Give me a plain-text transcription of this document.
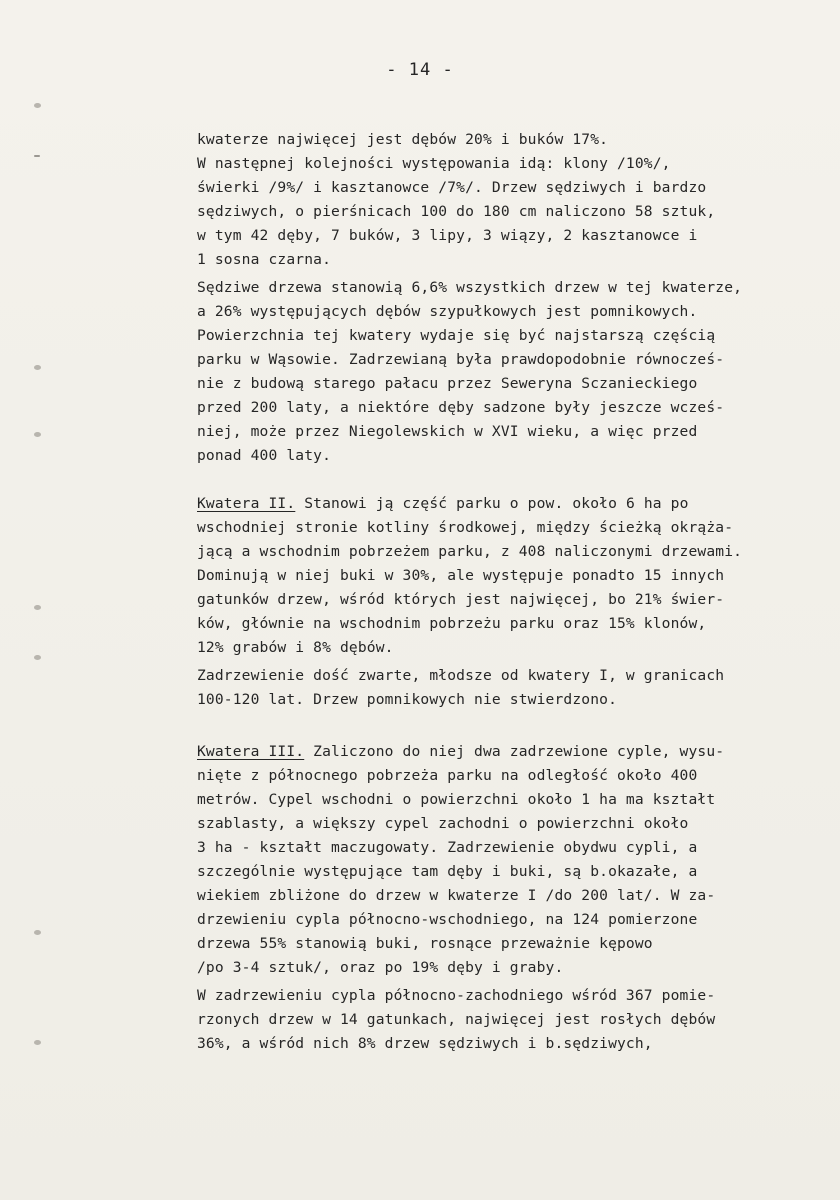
- 14 -
kwaterze najwięcej jest dębów 20% i buków 17%.
W następnej kolejności występowania idą: klony /10%/,
świerki /9%/ i kasztanowce /7%/. Drzew sędziwych i bardzo
sędziwych, o pierśnicach 100 do 180 cm naliczono 58 sztuk,
w tym 42 dęby, 7 buków, 3 lipy, 3 wiązy, 2 kasztanowce i
1 sosna czarna.
Sędziwe drzewa stanowią 6,6% wszystkich drzew w tej kwaterze,
a 26% występujących dębów szypułkowych jest pomnikowych.
Powierzchnia tej kwatery wydaje się być najstarszą częścią
parku w Wąsowie. Zadrzewianą była prawdopodobnie równocześ-
nie z budową starego pałacu przez Seweryna Sczanieckiego
przed 200 laty, a niektóre dęby sadzone były jeszcze wcześ-
niej, może przez Niegolewskich w XVI wieku, a więc przed
ponad 400 laty.
Kwatera II. Stanowi ją część parku o pow. około 6 ha po
wschodniej stronie kotliny środkowej, między ścieżką okrąża-
jącą a wschodnim pobrzeżem parku, z 408 naliczonymi drzewami.
Dominują w niej buki w 30%, ale występuje ponadto 15 innych
gatunków drzew, wśród których jest najwięcej, bo 21% świer-
ków, głównie na wschodnim pobrzeżu parku oraz 15% klonów,
12% grabów i 8% dębów.
Zadrzewienie dość zwarte, młodsze od kwatery I, w granicach
100-120 lat. Drzew pomnikowych nie stwierdzono.
Kwatera III. Zaliczono do niej dwa zadrzewione cyple, wysu-
nięte z północnego pobrzeża parku na odległość około 400
metrów. Cypel wschodni o powierzchni około 1 ha ma kształt
szablasty, a większy cypel zachodni o powierzchni około
3 ha - kształt maczugowaty. Zadrzewienie obydwu cypli, a
szczególnie występujące tam dęby i buki, są b.okazałe, a
wiekiem zbliżone do drzew w kwaterze I /do 200 lat/. W za-
drzewieniu cypla północno-wschodniego, na 124 pomierzone
drzewa 55% stanowią buki, rosnące przeważnie kępowo
/po 3-4 sztuk/, oraz po 19% dęby i graby.
W zadrzewieniu cypla północno-zachodniego wśród 367 pomie-
rzonych drzew w 14 gatunkach, najwięcej jest rosłych dębów
36%, a wśród nich 8% drzew sędziwych i b.sędziwych,
